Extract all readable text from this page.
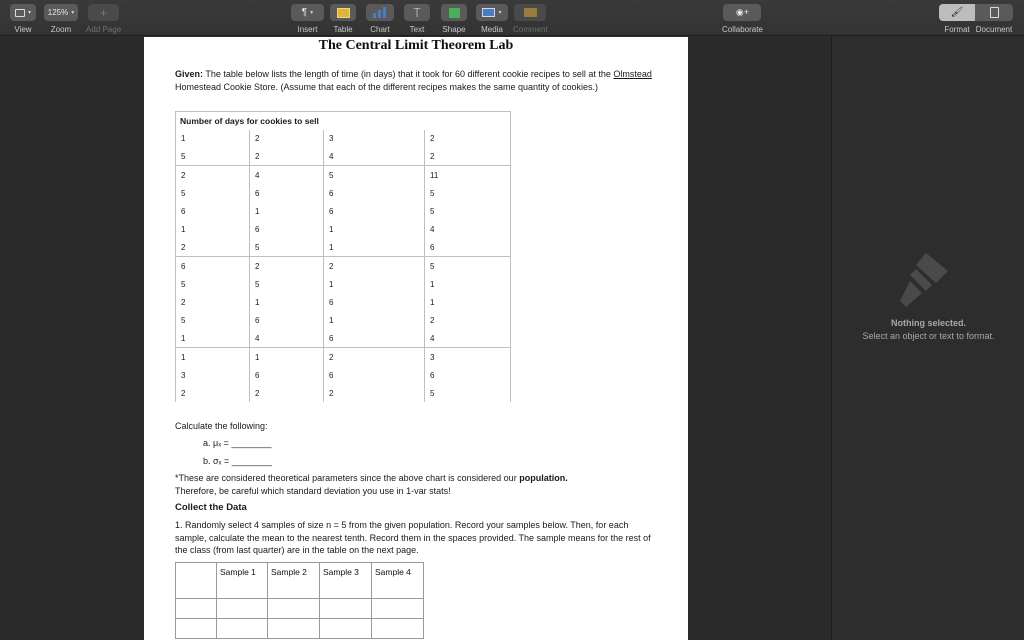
▾
View
125% ▾
Zoom
+
Add Page
¶ ▾
Insert Table Chart
T
Text Shape
▾
Media Comment
◉+
Collaborate
🖌
Format Document
The Central Limit Theorem Lab
Given: The table below lists the length of time (in days) that it took for 60 different cookie recipes to sell at the Olmstead Homestead Cookie Store. (Assume that each of the different recipes makes the same quantity of cookies.)
Number of days for cookies to sell			
1	2	3	2
5	2	4	2
2	4	5	11
5	6	6	5
6	1	6	5
1	6	1	4
2	5	1	6
6	2	2	5
5	5	1	1
2	1	6	1
5	6	1	2
1	4	6	4
1	1	2	3
3	6	6	6
2	2	2	5
Calculate the following:
a. μₓ = ________
b. σₓ = ________
*These are considered theoretical parameters since the above chart is considered our population.
Therefore, be careful which standard deviation you use in 1-var stats!
Collect the Data
1. Randomly select 4 samples of size n = 5 from the given population. Record your samples below. Then, for each sample, calculate the mean to the nearest tenth. Record them in the spaces provided. The sample means for the rest of the class (from last quarter) are in the table on the next page.
	Sample 1	Sample 2	Sample 3	Sample 4

Nothing selected.
Select an object or text to format.
